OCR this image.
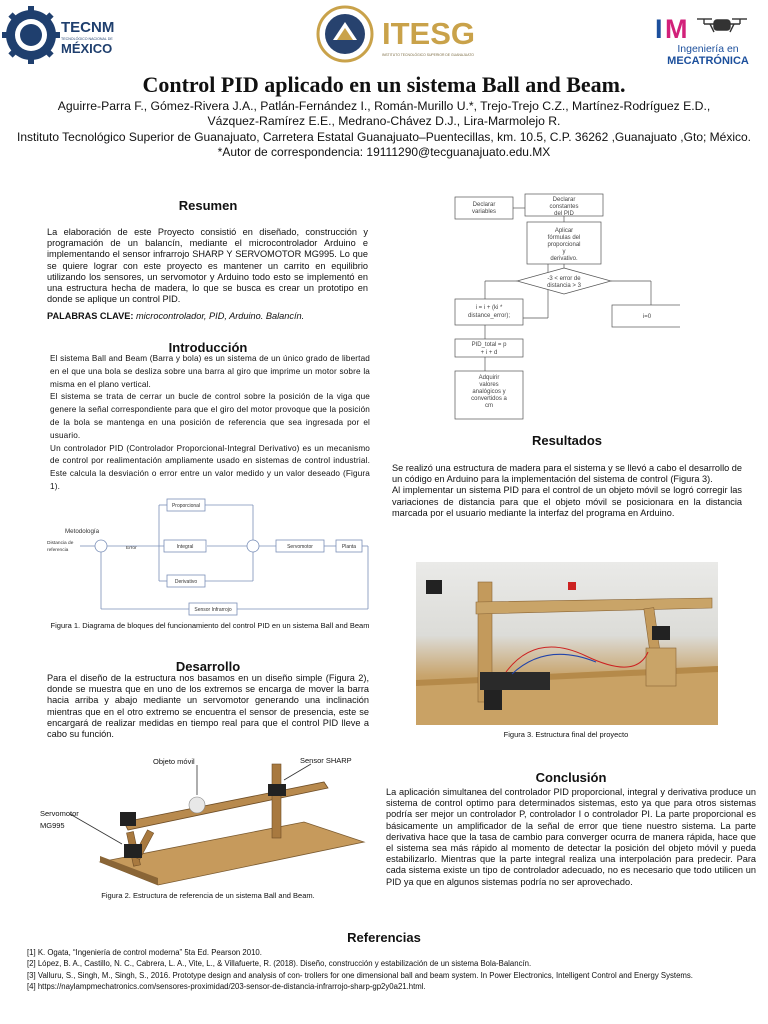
TECNM
TECNOLÓGICO NACIONAL DE
MÉXICO	ITESG
INSTITUTO TECNOLÓGICO SUPERIOR DE GUANAJUATO
I M
Ingeniería en
MECATRÓNICA
Control PID aplicado en un sistema Ball and Beam.
Aguirre-Parra F., Gómez-Rivera J.A., Patlán-Fernández I., Román-Murillo U.*, Trejo-Trejo C.Z., Martínez-Rodríguez E.D.,
Vázquez-Ramírez E.E., Medrano-Chávez D.J., Lira-Marmolejo R.
Instituto Tecnológico Superior de Guanajuato, Carretera Estatal Guanajuato–Puentecillas, km. 10.5, C.P. 36262 ,Guanajuato ,Gto; México.
*Autor de correspondencia: 19111290@tecguanajuato.edu.MX
Resumen
La elaboración de este Proyecto consistió en diseñado, construcción y programación de un balancín, mediante el microcontrolador Arduino e implementando el sensor infrarrojo SHARP Y SERVOMOTOR MG995. Lo que se quiere lograr con este proyecto es mantener un carrito en equilibrio utilizando los sensores, un servomotor y Arduino todo esto se implementó en una estructura hecha de madera, lo que se busca es crear un prototipo en donde se aplique un control PID.
PALABRAS CLAVE: microcontrolador, PID, Arduino. Balancín.
Introducción
El sistema Ball and Beam (Barra y bola) es un sistema de un único grado de libertad en el que una bola se desliza sobre una barra al giro que imprime un motor sobre la misma en el plano vertical.
El sistema se trata de cerrar un bucle de control sobre la posición de la viga que genere la señal correspondiente para que el giro del motor provoque que la posición de la bola se mantenga en una posición de referencia que sea ingresada por el usuario.
Un controlador PID (Controlador Proporcional-Integral Derivativo) es un mecanismo de control por realimentación ampliamente usado en sistemas de control industrial. Este calcula la desviación o error entre un valor medido y un valor deseado (Figura 1).
Metodología
Distancia de
referencia	Error
Proporcional
Integral
Derivativo
Servomotor	Planta
Sensor Infrarrojo
Figura 1. Diagrama de bloques del funcionamiento del control PID en un sistema Ball and Beam
Desarrollo
Para el diseño de la estructura nos basamos en un diseño simple (Figura 2), donde se muestra que en uno de los extremos se encarga de mover la barra hacia arriba y abajo mediante un servomotor generando una inclinación mientras que en el otro extremo se encuentra el sensor de presencia, este se encargará de realizar medidas en tiempo real para que el control PID lleve a cabo su función.
Objeto móvil	Sensor SHARP
Servomotor
MG995
Figura 2. Estructura de referencia de un sistema Ball and Beam.
Declarar
variables
Declarar
constantes
del PID
Aplicar
fórmulas del
proporcional
y
derivativo.
-3 < error de
distancia > 3
i = i + (ki *
distance_error);	i=0
PID_total = p
+ i + d
Adquirir
valores
analógicos y
convertidos a
cm
Resultados
Se realizó una estructura de madera para el sistema y se llevó a cabo el desarrollo de un código en Arduino para la implementación del sistema de control (Figura 3).
Al implementar un sistema PID para el control de un objeto móvil se logró corregir las variaciones de distancia para que el objeto móvil se posicionara en la distancia marcada por el usuario mediante la interfaz del programa en Arduino.
Figura 3. Estructura final del proyecto
Conclusión
La aplicación simultanea del controlador PID proporcional, integral y derivativa produce un sistema de control optimo para determinados sistemas, esto ya que para otros sistemas podría ser mejor un controlador P, controlador I o controlador PI. La parte proporcional es básicamente un amplificador de la señal de error que tiene nuestro sistema. La parte derivativa hace que la tasa de cambio para converger ocurra de manera rápida, hace que el sistema sea más rápido al momento de detectar la posición del objeto móvil y pueda estabilizarlo. Mientras que la parte integral realiza una interpolación para predecir. Para cada sistema existe un tipo de controlador adecuado, no es necesario que todo utilicen un PID ya que en algunos sistemas podría no ser aprovechado.
Referencias
[1] K. Ogata, “Ingeniería de control moderna” 5ta Ed. Pearson 2010.
[2] López, B. A., Castillo, N. C., Cabrera, L. A., Vite, L., & Villafuerte, R. (2018). Diseño, construcción y estabilización de un sistema Bola-Balancín.
[3] Valluru, S., Singh, M., Singh, S., 2016. Prototype design and analysis of con- trollers for one dimensional ball and beam system. In Power Electronics, Intelligent Control and Energy Systems.
[4] https://naylampmechatronics.com/sensores-proximidad/203-sensor-de-distancia-infrarrojo-sharp-gp2y0a21.html.
